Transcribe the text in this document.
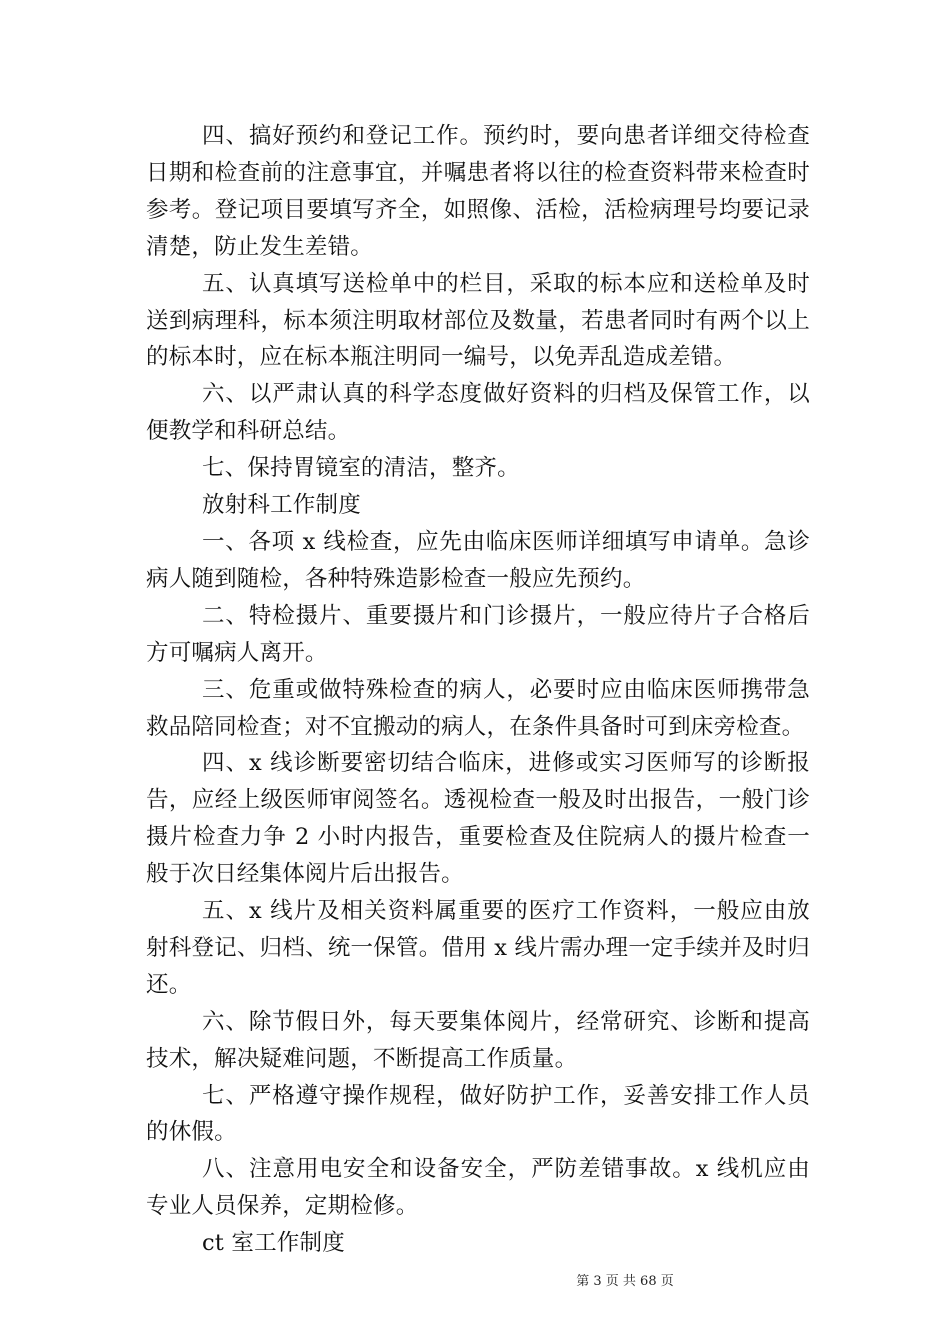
四、搞好预约和登记工作。预约时，要向患者详细交待检查日期和检查前的注意事宜，并嘱患者将以往的检查资料带来检查时参考。登记项目要填写齐全，如照像、活检，活检病理号均要记录清楚，防止发生差错。

五、认真填写送检单中的栏目，采取的标本应和送检单及时送到病理科，标本须注明取材部位及数量，若患者同时有两个以上的标本时，应在标本瓶注明同一编号，以免弄乱造成差错。

六、以严肃认真的科学态度做好资料的归档及保管工作，以便教学和科研总结。

七、保持胃镜室的清洁，整齐。

放射科工作制度

一、各项 x 线检查，应先由临床医师详细填写申请单。急诊病人随到随检，各种特殊造影检查一般应先预约。

二、特检摄片、重要摄片和门诊摄片，一般应待片子合格后方可嘱病人离开。

三、危重或做特殊检查的病人，必要时应由临床医师携带急救品陪同检查；对不宜搬动的病人，在条件具备时可到床旁检查。

四、x 线诊断要密切结合临床，进修或实习医师写的诊断报告，应经上级医师审阅签名。透视检查一般及时出报告，一般门诊摄片检查力争 2 小时内报告，重要检查及住院病人的摄片检查一般于次日经集体阅片后出报告。

五、x 线片及相关资料属重要的医疗工作资料，一般应由放射科登记、归档、统一保管。借用 x 线片需办理一定手续并及时归还。

六、除节假日外，每天要集体阅片，经常研究、诊断和提高技术，解决疑难问题，不断提高工作质量。

七、严格遵守操作规程，做好防护工作，妥善安排工作人员的休假。

八、注意用电安全和设备安全，严防差错事故。x 线机应由专业人员保养，定期检修。

ct 室工作制度

第 3 页 共 68 页
